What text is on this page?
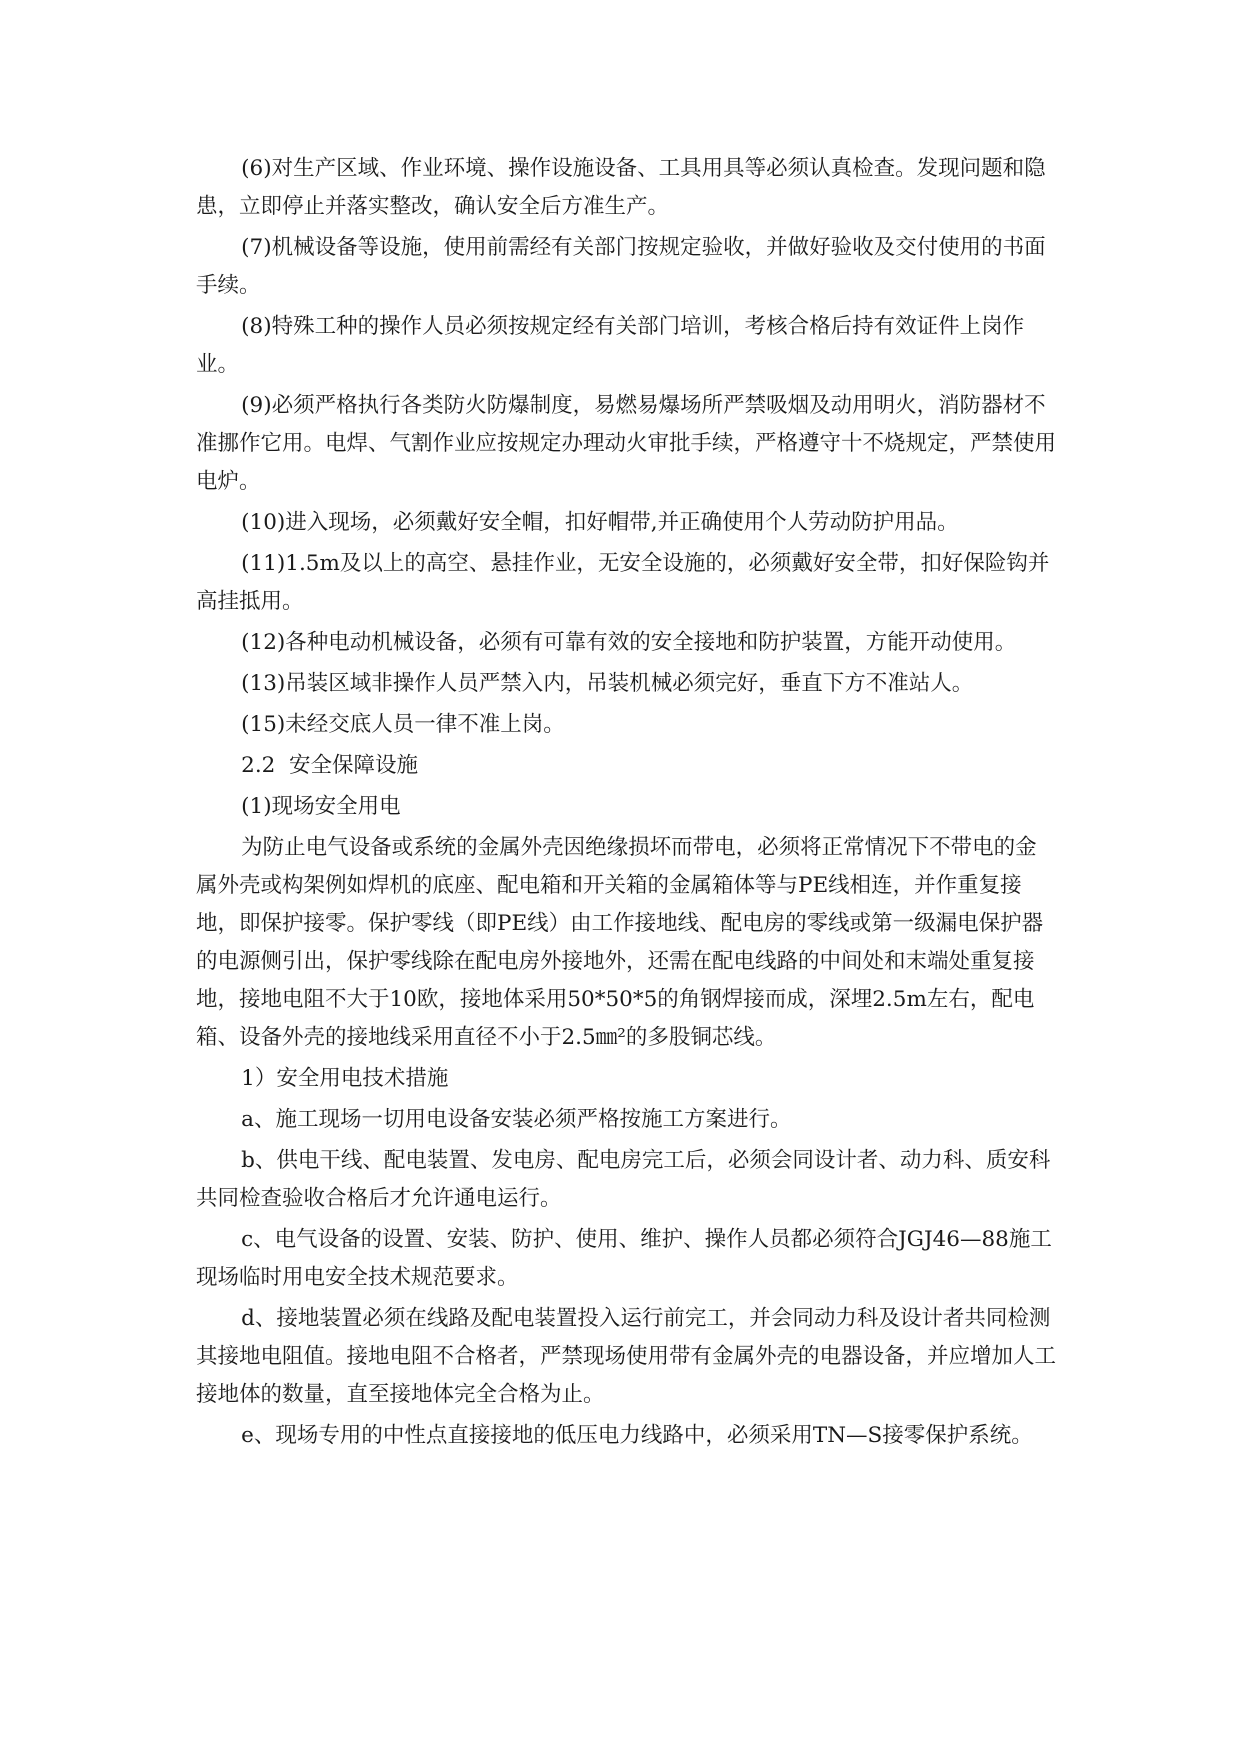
(6)对生产区域、作业环境、操作设施设备、工具用具等必须认真检查。发现问题和隐患，立即停止并落实整改，确认安全后方准生产。

(7)机械设备等设施，使用前需经有关部门按规定验收，并做好验收及交付使用的书面手续。

(8)特殊工种的操作人员必须按规定经有关部门培训，考核合格后持有效证件上岗作业。

(9)必须严格执行各类防火防爆制度，易燃易爆场所严禁吸烟及动用明火，消防器材不准挪作它用。电焊、气割作业应按规定办理动火审批手续，严格遵守十不烧规定，严禁使用电炉。

(10)进入现场，必须戴好安全帽，扣好帽带,并正确使用个人劳动防护用品。

(11)1.5m及以上的高空、悬挂作业，无安全设施的，必须戴好安全带，扣好保险钩并高挂抵用。

(12)各种电动机械设备，必须有可靠有效的安全接地和防护装置，方能开动使用。

(13)吊装区域非操作人员严禁入内，吊装机械必须完好，垂直下方不准站人。

(15)未经交底人员一律不准上岗。

2.2  安全保障设施

(1)现场安全用电

为防止电气设备或系统的金属外壳因绝缘损坏而带电，必须将正常情况下不带电的金属外壳或构架例如焊机的底座、配电箱和开关箱的金属箱体等与PE线相连，并作重复接地，即保护接零。保护零线（即PE线）由工作接地线、配电房的零线或第一级漏电保护器的电源侧引出，保护零线除在配电房外接地外，还需在配电线路的中间处和末端处重复接地，接地电阻不大于10欧，接地体采用50*50*5的角钢焊接而成，深埋2.5m左右，配电箱、设备外壳的接地线采用直径不小于2.5㎜²的多股铜芯线。

1）安全用电技术措施

a、施工现场一切用电设备安装必须严格按施工方案进行。

b、供电干线、配电装置、发电房、配电房完工后，必须会同设计者、动力科、质安科共同检查验收合格后才允许通电运行。

c、电气设备的设置、安装、防护、使用、维护、操作人员都必须符合JGJ46—88施工现场临时用电安全技术规范要求。

d、接地装置必须在线路及配电装置投入运行前完工，并会同动力科及设计者共同检测其接地电阻值。接地电阻不合格者，严禁现场使用带有金属外壳的电器设备，并应增加人工接地体的数量，直至接地体完全合格为止。

e、现场专用的中性点直接接地的低压电力线路中，必须采用TN—S接零保护系统。
